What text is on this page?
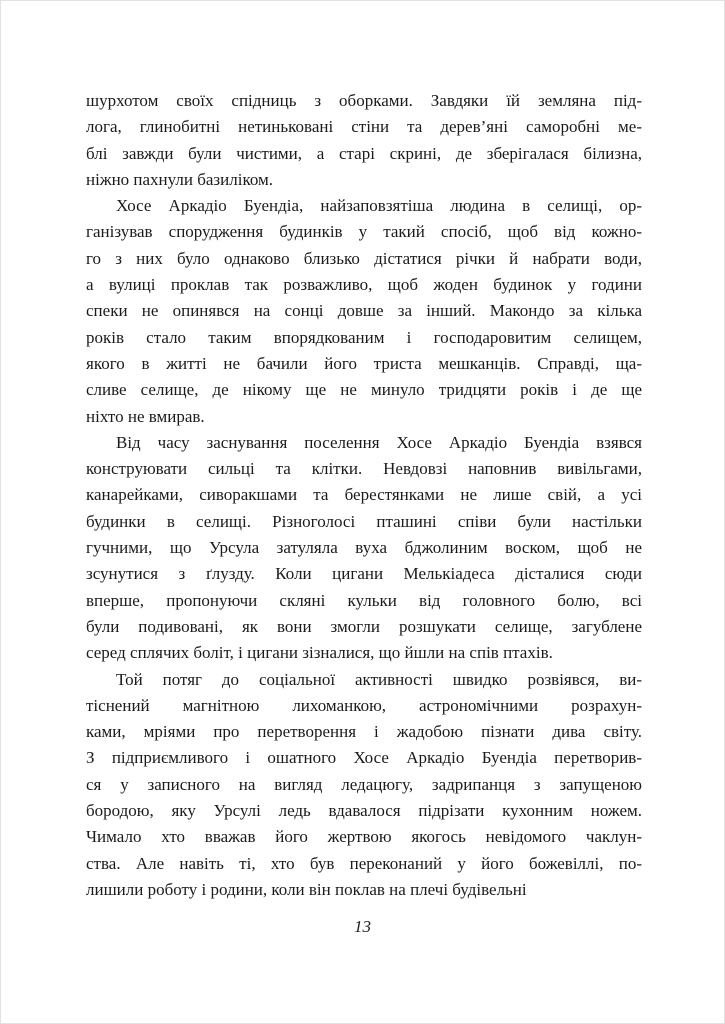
шурхотом своїх спідниць з оборками. Завдяки їй земляна під-
лога, глинобитні нетиньковані стіни та дерев’яні саморобні ме-
блі завжди були чистими, а старі скрині, де зберігалася білизна,
ніжно пахнули базиліком.
Хосе Аркадіо Буендіа, найзаповзятіша людина в селищі, ор-
ганізував спорудження будинків у такий спосіб, щоб від кожно-
го з них було однаково близько дістатися річки й набрати води,
а вулиці проклав так розважливо, щоб жоден будинок у години
спеки не опинявся на сонці довше за інший. Макондо за кілька
років стало таким впорядкованим і господаровитим селищем,
якого в житті не бачили його триста мешканців. Справді, ща-
сливе селище, де нікому ще не минуло тридцяти років і де ще
ніхто не вмирав.
Від часу заснування поселення Хосе Аркадіо Буендіа взявся
конструювати сильці та клітки. Невдовзі наповнив вивільгами,
канарейками, сиворакшами та берестянками не лише свій, а усі
будинки в селищі. Різноголосі пташині співи були настільки
гучними, що Урсула затуляла вуха бджолиним воском, щоб не
зсунутися з ґлузду. Коли цигани Мелькіадеса дісталися сюди
вперше, пропонуючи скляні кульки від головного болю, всі
були подивовані, як вони змогли розшукати селище, загублене
серед сплячих боліт, і цигани зізналися, що йшли на спів птахів.
Той потяг до соціальної активності швидко розвіявся, ви-
тіснений магнітною лихоманкою, астрономічними розрахун-
ками, мріями про перетворення і жадобою пізнати дива світу.
З підприємливого і ошатного Хосе Аркадіо Буендіа перетворив-
ся у записного на вигляд ледацюгу, задрипанця з запущеною
бородою, яку Урсулі ледь вдавалося підрізати кухонним ножем.
Чимало хто вважав його жертвою якогось невідомого чаклун-
ства. Але навіть ті, хто був переконаний у його божевіллі, по-
лишили роботу і родини, коли він поклав на плечі будівельні
13
